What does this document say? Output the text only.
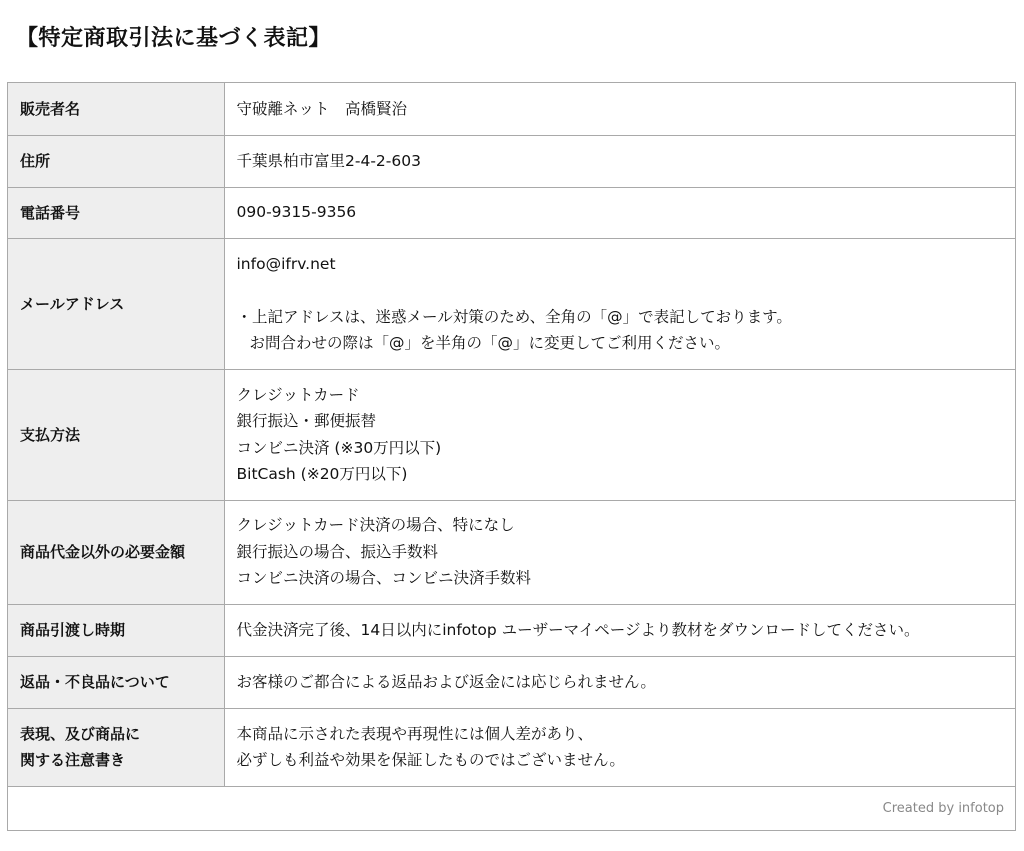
【特定商取引法に基づく表記】
販売者名	守破離ネット　高橋賢治
住所	千葉県柏市富里2-4-2-603
電話番号	090-9315-9356
メールアドレス	info@ifrv.net
・上記アドレスは、迷惑メール対策のため、全角の「@」で表記しております。
お問合わせの際は「@」を半角の「@」に変更してご利用ください。

支払方法	クレジットカード
銀行振込・郵便振替
コンビニ決済 (※30万円以下)
BitCash (※20万円以下)

商品代金以外の必要金額	クレジットカード決済の場合、特になし
銀行振込の場合、振込手数料
コンビニ決済の場合、コンビニ決済手数料

商品引渡し時期	代金決済完了後、14日以内にinfotop ユーザーマイページより教材をダウンロードしてください。
返品・不良品について	お客様のご都合による返品および返金には応じられません。

表現、及び商品に
関する注意書き	本商品に示された表現や再現性には個人差があり、
必ずしも利益や効果を保証したものではございません。

Created by infotop	
